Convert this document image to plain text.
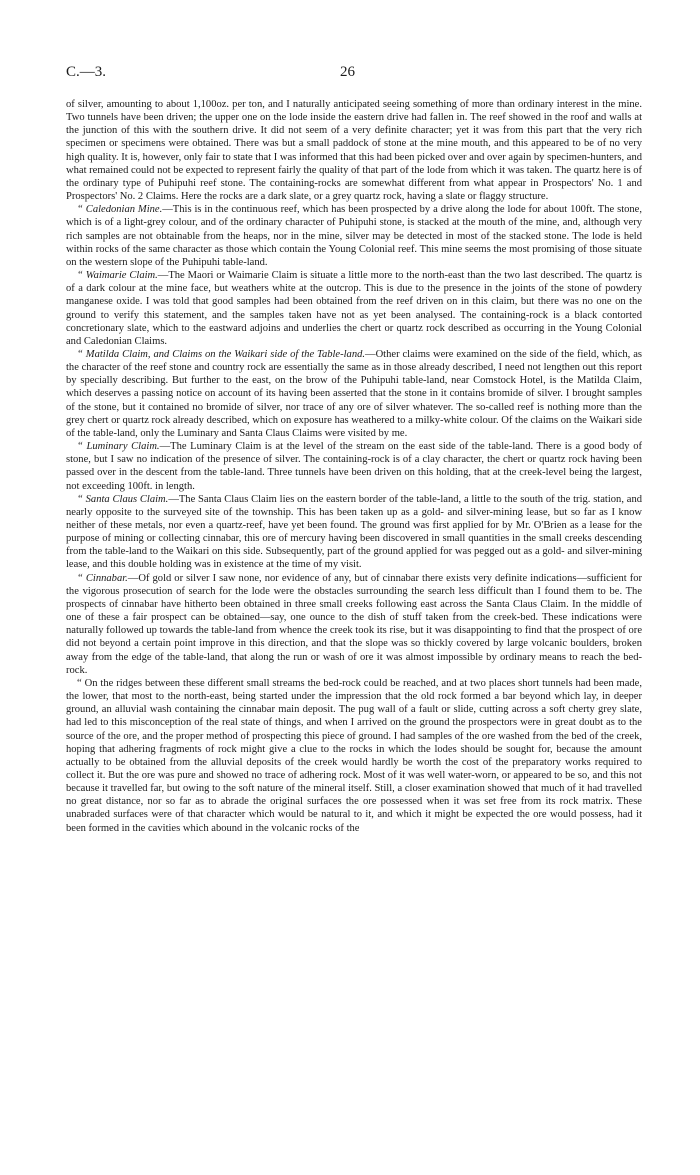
C.—3.	26

of silver, amounting to about 1,100oz. per ton, and I naturally anticipated seeing something of more than ordinary interest in the mine. Two tunnels have been driven; the upper one on the lode inside the eastern drive had fallen in. The reef showed in the roof and walls at the junction of this with the southern drive. It did not seem of a very definite character; yet it was from this part that the very rich specimen or specimens were obtained. There was but a small paddock of stone at the mine mouth, and this appeared to be of no very high quality. It is, however, only fair to state that I was informed that this had been picked over and over again by specimen-hunters, and what remained could not be expected to represent fairly the quality of that part of the lode from which it was taken. The quartz here is of the ordinary type of Puhipuhi reef stone. The containing-rocks are somewhat different from what appear in Prospectors' No. 1 and Prospectors' No. 2 Claims. Here the rocks are a dark slate, or a grey quartz rock, having a slate or flaggy structure.

“ Caledonian Mine.—This is in the continuous reef, which has been prospected by a drive along the lode for about 100ft. The stone, which is of a light-grey colour, and of the ordinary character of Puhipuhi stone, is stacked at the mouth of the mine, and, although very rich samples are not obtainable from the heaps, nor in the mine, silver may be detected in most of the stacked stone. The lode is held within rocks of the same character as those which contain the Young Colonial reef. This mine seems the most promising of those situate on the western slope of the Puhipuhi table-land.

“ Waimarie Claim.—The Maori or Waimarie Claim is situate a little more to the north-east than the two last described. The quartz is of a dark colour at the mine face, but weathers white at the outcrop. This is due to the presence in the joints of the stone of powdery manganese oxide. I was told that good samples had been obtained from the reef driven on in this claim, but there was no one on the ground to verify this statement, and the samples taken have not as yet been analysed. The containing-rock is a black contorted concretionary slate, which to the eastward adjoins and underlies the chert or quartz rock described as occurring in the Young Colonial and Caledonian Claims.

“ Matilda Claim, and Claims on the Waikari side of the Table-land.—Other claims were examined on the side of the field, which, as the character of the reef stone and country rock are essentially the same as in those already described, I need not lengthen out this report by specially describing. But further to the east, on the brow of the Puhipuhi table-land, near Comstock Hotel, is the Matilda Claim, which deserves a passing notice on account of its having been asserted that the stone in it contains bromide of silver. I brought samples of the stone, but it contained no bromide of silver, nor trace of any ore of silver whatever. The so-called reef is nothing more than the grey chert or quartz rock already described, which on exposure has weathered to a milky-white colour. Of the claims on the Waikari side of the table-land, only the Luminary and Santa Claus Claims were visited by me.

“ Luminary Claim.—The Luminary Claim is at the level of the stream on the east side of the table-land. There is a good body of stone, but I saw no indication of the presence of silver. The containing-rock is of a clay character, the chert or quartz rock having been passed over in the descent from the table-land. Three tunnels have been driven on this holding, that at the creek-level being the largest, not exceeding 100ft. in length.

“ Santa Claus Claim.—The Santa Claus Claim lies on the eastern border of the table-land, a little to the south of the trig. station, and nearly opposite to the surveyed site of the township. This has been taken up as a gold- and silver-mining lease, but so far as I know neither of these metals, nor even a quartz-reef, have yet been found. The ground was first applied for by Mr. O'Brien as a lease for the purpose of mining or collecting cinnabar, this ore of mercury having been discovered in small quantities in the small creeks descending from the table-land to the Waikari on this side. Subsequently, part of the ground applied for was pegged out as a gold- and silver-mining lease, and this double holding was in existence at the time of my visit.

“ Cinnabar.—Of gold or silver I saw none, nor evidence of any, but of cinnabar there exists very definite indications—sufficient for the vigorous prosecution of search for the lode were the obstacles surrounding the search less difficult than I found them to be. The prospects of cinnabar have hitherto been obtained in three small creeks following east across the Santa Claus Claim. In the middle of one of these a fair prospect can be obtained—say, one ounce to the dish of stuff taken from the creek-bed. These indications were naturally followed up towards the table-land from whence the creek took its rise, but it was disappointing to find that the prospect of ore did not beyond a certain point improve in this direction, and that the slope was so thickly covered by large volcanic boulders, broken away from the edge of the table-land, that along the run or wash of ore it was almost impossible by ordinary means to reach the bed-rock.

“ On the ridges between these different small streams the bed-rock could be reached, and at two places short tunnels had been made, the lower, that most to the north-east, being started under the impression that the old rock formed a bar beyond which lay, in deeper ground, an alluvial wash containing the cinnabar main deposit. The pug wall of a fault or slide, cutting across a soft cherty grey slate, had led to this misconception of the real state of things, and when I arrived on the ground the prospectors were in great doubt as to the source of the ore, and the proper method of prospecting this piece of ground. I had samples of the ore washed from the bed of the creek, hoping that adhering fragments of rock might give a clue to the rocks in which the lodes should be sought for, because the amount actually to be obtained from the alluvial deposits of the creek would hardly be worth the cost of the preparatory works required to collect it. But the ore was pure and showed no trace of adhering rock. Most of it was well water-worn, or appeared to be so, and this not because it travelled far, but owing to the soft nature of the mineral itself. Still, a closer examination showed that much of it had travelled no great distance, nor so far as to abrade the original surfaces the ore possessed when it was set free from its rock matrix. These unabraded surfaces were of that character which would be natural to it, and which it might be expected the ore would possess, had it been formed in the cavities which abound in the volcanic rocks of the
